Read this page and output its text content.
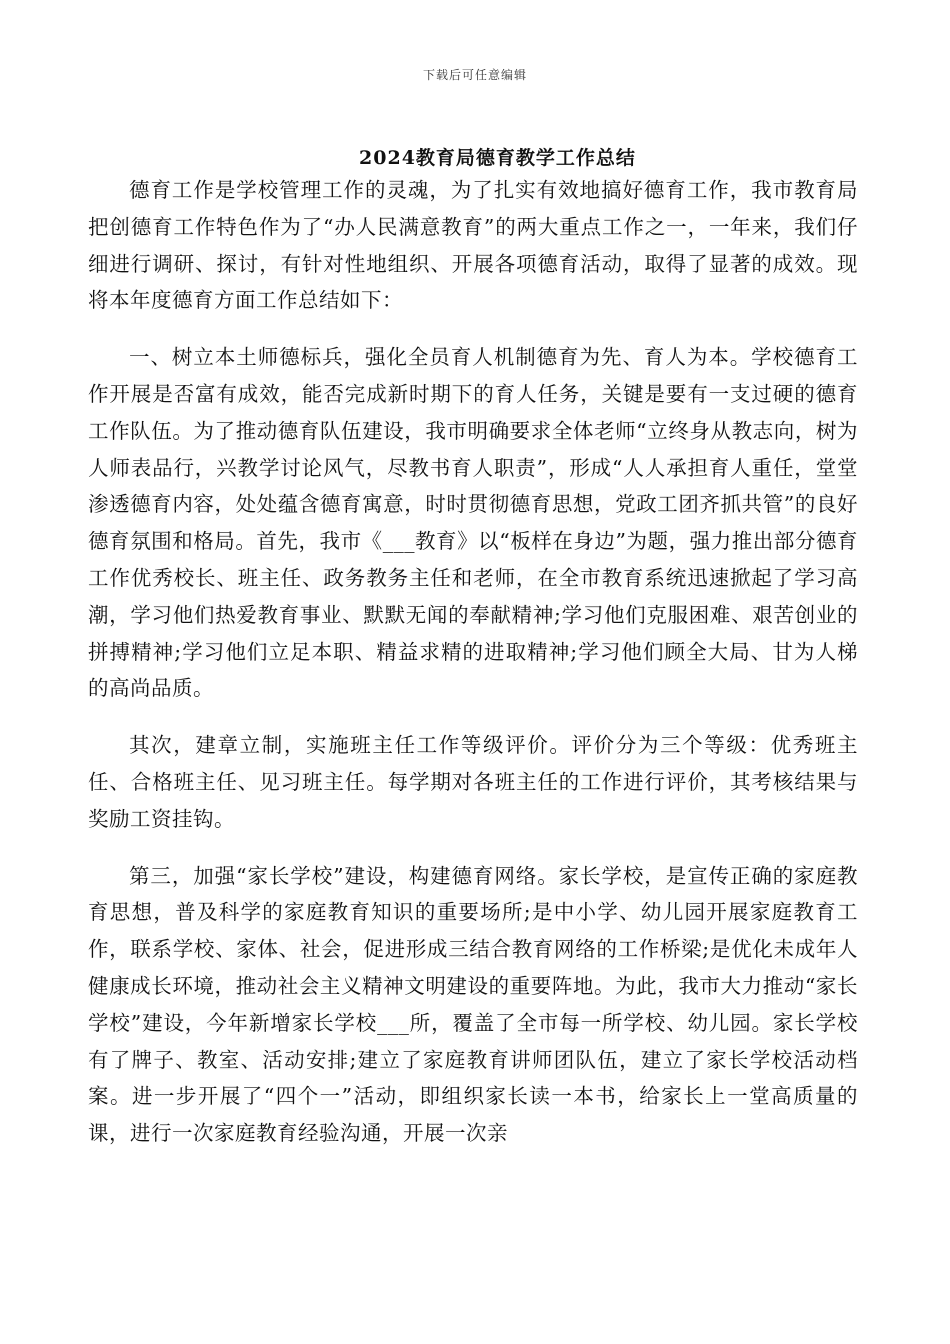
下载后可任意编辑
2024教育局德育教学工作总结

德育工作是学校管理工作的灵魂，为了扎实有效地搞好德育工作，我市教育局把创德育工作特色作为了“办人民满意教育”的两大重点工作之一，一年来，我们仔细进行调研、探讨，有针对性地组织、开展各项德育活动，取得了显著的成效。现将本年度德育方面工作总结如下：

一、树立本土师德标兵，强化全员育人机制德育为先、育人为本。学校德育工作开展是否富有成效，能否完成新时期下的育人任务，关键是要有一支过硬的德育工作队伍。为了推动德育队伍建设，我市明确要求全体老师“立终身从教志向，树为人师表品行，兴教学讨论风气，尽教书育人职责”，形成“人人承担育人重任，堂堂渗透德育内容，处处蕴含德育寓意，时时贯彻德育思想，党政工团齐抓共管”的良好德育氛围和格局。首先，我市《___教育》以“板样在身边”为题，强力推出部分德育工作优秀校长、班主任、政务教务主任和老师，在全市教育系统迅速掀起了学习高潮，学习他们热爱教育事业、默默无闻的奉献精神;学习他们克服困难、艰苦创业的拼搏精神;学习他们立足本职、精益求精的进取精神;学习他们顾全大局、甘为人梯的高尚品质。

其次，建章立制，实施班主任工作等级评价。评价分为三个等级：优秀班主任、合格班主任、见习班主任。每学期对各班主任的工作进行评价，其考核结果与奖励工资挂钩。

第三，加强“家长学校”建设，构建德育网络。家长学校，是宣传正确的家庭教育思想，普及科学的家庭教育知识的重要场所;是中小学、幼儿园开展家庭教育工作，联系学校、家体、社会，促进形成三结合教育网络的工作桥梁;是优化未成年人健康成长环境，推动社会主义精神文明建设的重要阵地。为此，我市大力推动“家长学校”建设，今年新增家长学校___所，覆盖了全市每一所学校、幼儿园。家长学校有了牌子、教室、活动安排;建立了家庭教育讲师团队伍，建立了家长学校活动档案。进一步开展了“四个一”活动，即组织家长读一本书，给家长上一堂高质量的课，进行一次家庭教育经验沟通，开展一次亲
